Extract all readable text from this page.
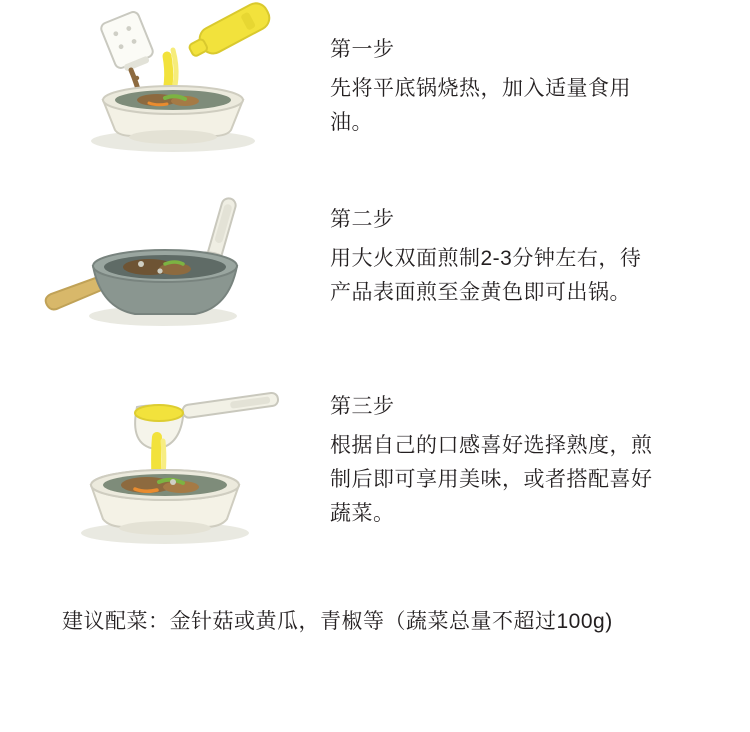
第一步

先将平底锅烧热，加入适量食用油。

第二步

用大火双面煎制2-3分钟左右，待产品表面煎至金黄色即可出锅。

第三步

根据自己的口感喜好选择熟度，煎制后即可享用美味，或者搭配喜好蔬菜。

建议配菜：金针菇或黄瓜，青椒等（蔬菜总量不超过100g)
